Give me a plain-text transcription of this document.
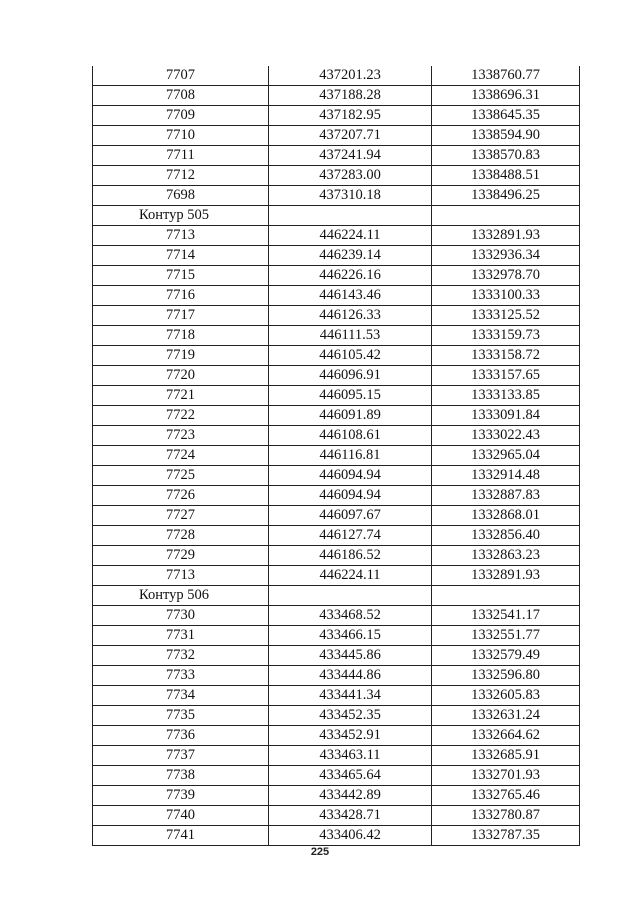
7707	437201.23	1338760.77
7708	437188.28	1338696.31
7709	437182.95	1338645.35
7710	437207.71	1338594.90
7711	437241.94	1338570.83
7712	437283.00	1338488.51
7698	437310.18	1338496.25
Контур 505		
7713	446224.11	1332891.93
7714	446239.14	1332936.34
7715	446226.16	1332978.70
7716	446143.46	1333100.33
7717	446126.33	1333125.52
7718	446111.53	1333159.73
7719	446105.42	1333158.72
7720	446096.91	1333157.65
7721	446095.15	1333133.85
7722	446091.89	1333091.84
7723	446108.61	1333022.43
7724	446116.81	1332965.04
7725	446094.94	1332914.48
7726	446094.94	1332887.83
7727	446097.67	1332868.01
7728	446127.74	1332856.40
7729	446186.52	1332863.23
7713	446224.11	1332891.93
Контур 506		
7730	433468.52	1332541.17
7731	433466.15	1332551.77
7732	433445.86	1332579.49
7733	433444.86	1332596.80
7734	433441.34	1332605.83
7735	433452.35	1332631.24
7736	433452.91	1332664.62
7737	433463.11	1332685.91
7738	433465.64	1332701.93
7739	433442.89	1332765.46
7740	433428.71	1332780.87
7741	433406.42	1332787.35
225
